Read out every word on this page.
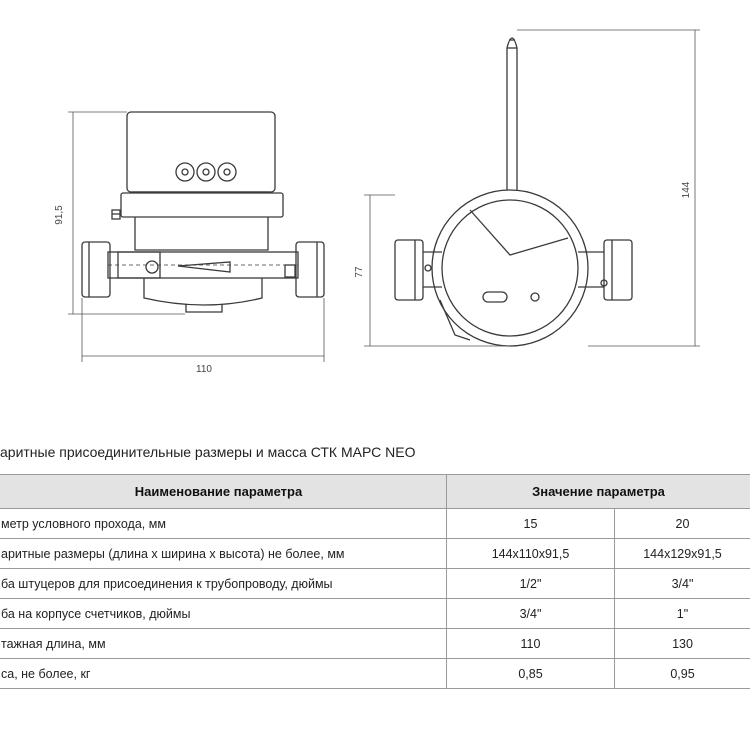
91,5
110
144
77
аритные присоединительные размеры и масса СТК МАРС NEO
Наименование параметра	Значение параметра	

метр условного прохода, мм	15	20

аритные размеры (длина x ширина x высота) не более, мм	144x110x91,5	144x129x91,5

ба штуцеров для присоединения к трубопроводу, дюймы	1/2"	3/4"

ба на корпусе счетчиков, дюймы	3/4"	1"

тажная длина, мм	110	130

са, не более, кг	0,85	0,95
